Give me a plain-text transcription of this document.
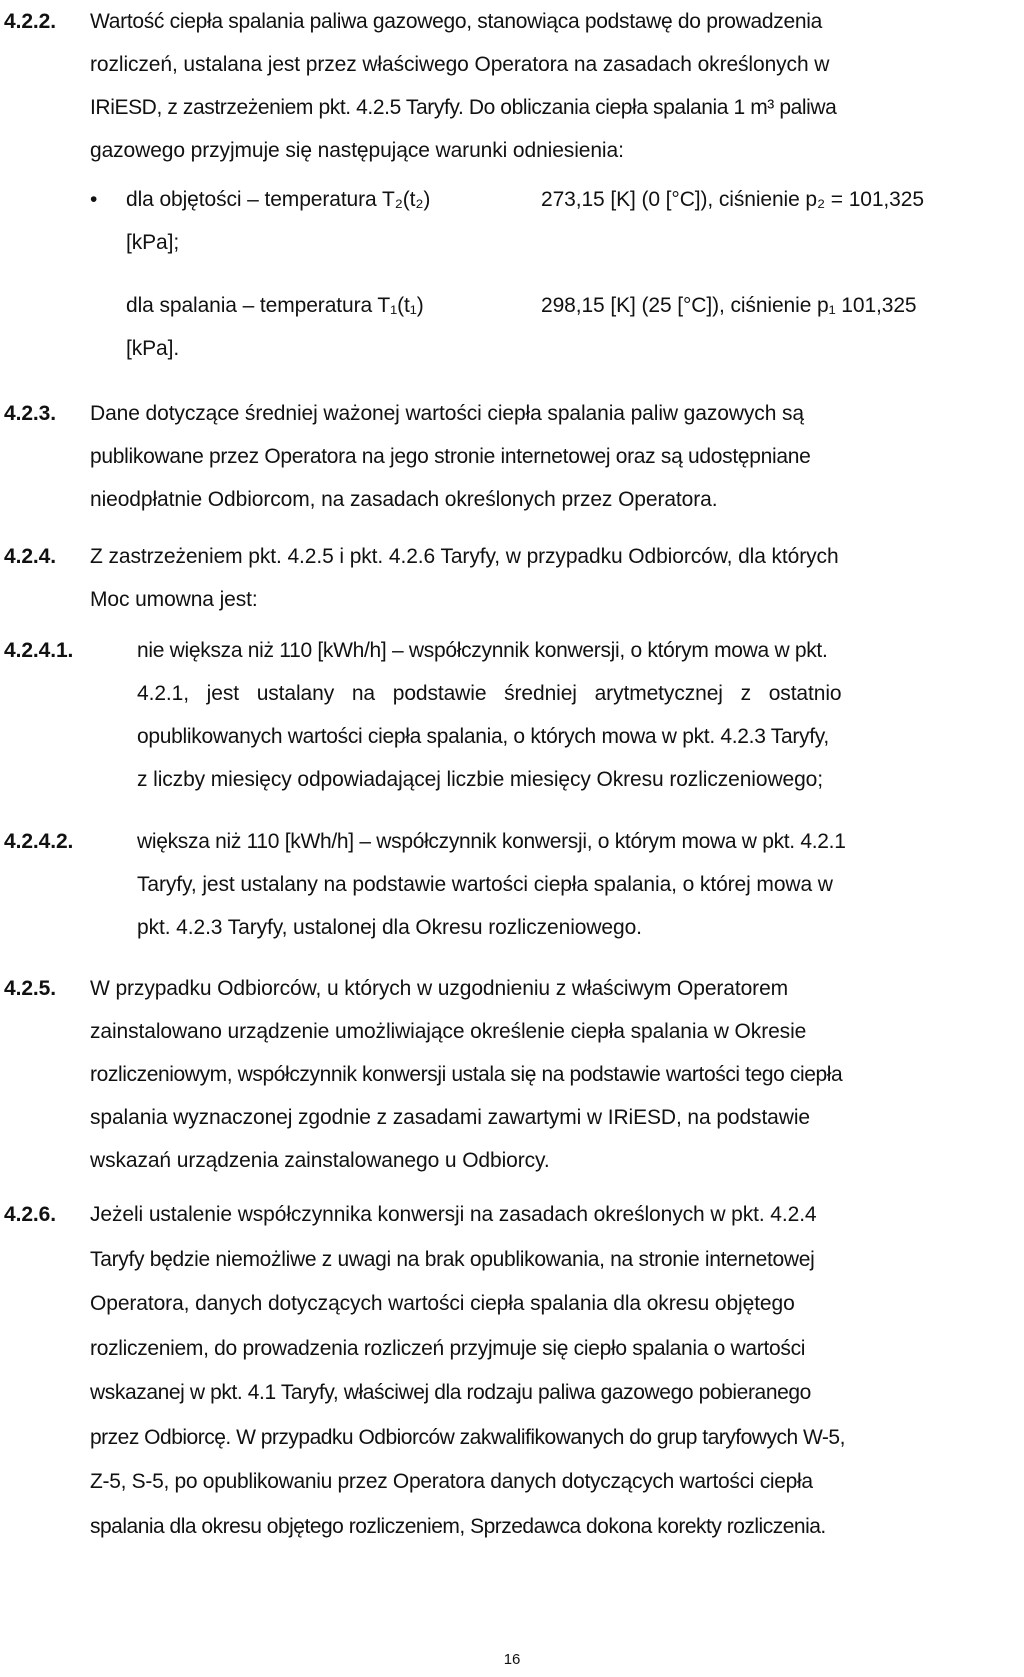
4.2.2. Wartość ciepła spalania paliwa gazowego, stanowiąca podstawę do prowadzenia
rozliczeń, ustalana jest przez właściwego Operatora na zasadach określonych w
IRiESD, z zastrzeżeniem pkt. 4.2.5 Taryfy. Do obliczania ciepła spalania 1 m³ paliwa
gazowego przyjmuje się następujące warunki odniesienia:
• dla objętości – temperatura T₂(t₂)	273,15 [K] (0 [°C]), ciśnienie p₂ = 101,325
[kPa];
dla spalania – temperatura T₁(t₁)	298,15 [K] (25 [°C]), ciśnienie p₁ 101,325
[kPa].
4.2.3. Dane dotyczące średniej ważonej wartości ciepła spalania paliw gazowych są
publikowane przez Operatora na jego stronie internetowej oraz są udostępniane
nieodpłatnie Odbiorcom, na zasadach określonych przez Operatora.
4.2.4. Z zastrzeżeniem pkt. 4.2.5 i pkt. 4.2.6 Taryfy, w przypadku Odbiorców, dla których
Moc umowna jest:
4.2.4.1.	nie większa niż 110 [kWh/h] – współczynnik konwersji, o którym mowa w pkt.
4.2.1, jest ustalany na podstawie średniej arytmetycznej z ostatnio
opublikowanych wartości ciepła spalania, o których mowa w pkt. 4.2.3 Taryfy,
z liczby miesięcy odpowiadającej liczbie miesięcy Okresu rozliczeniowego;
4.2.4.2.	większa niż 110 [kWh/h] – współczynnik konwersji, o którym mowa w pkt. 4.2.1
Taryfy, jest ustalany na podstawie wartości ciepła spalania, o której mowa w
pkt. 4.2.3 Taryfy, ustalonej dla Okresu rozliczeniowego.
4.2.5. W przypadku Odbiorców, u których w uzgodnieniu z właściwym Operatorem
zainstalowano urządzenie umożliwiające określenie ciepła spalania w Okresie
rozliczeniowym, współczynnik konwersji ustala się na podstawie wartości tego ciepła
spalania wyznaczonej zgodnie z zasadami zawartymi w IRiESD, na podstawie
wskazań urządzenia zainstalowanego u Odbiorcy.
4.2.6. Jeżeli ustalenie współczynnika konwersji na zasadach określonych w pkt. 4.2.4
Taryfy będzie niemożliwe z uwagi na brak opublikowania, na stronie internetowej
Operatora, danych dotyczących wartości ciepła spalania dla okresu objętego
rozliczeniem, do prowadzenia rozliczeń przyjmuje się ciepło spalania o wartości
wskazanej w pkt. 4.1 Taryfy, właściwej dla rodzaju paliwa gazowego pobieranego
przez Odbiorcę. W przypadku Odbiorców zakwalifikowanych do grup taryfowych W-5,
Z-5, S-5, po opublikowaniu przez Operatora danych dotyczących wartości ciepła
spalania dla okresu objętego rozliczeniem, Sprzedawca dokona korekty rozliczenia.
16
